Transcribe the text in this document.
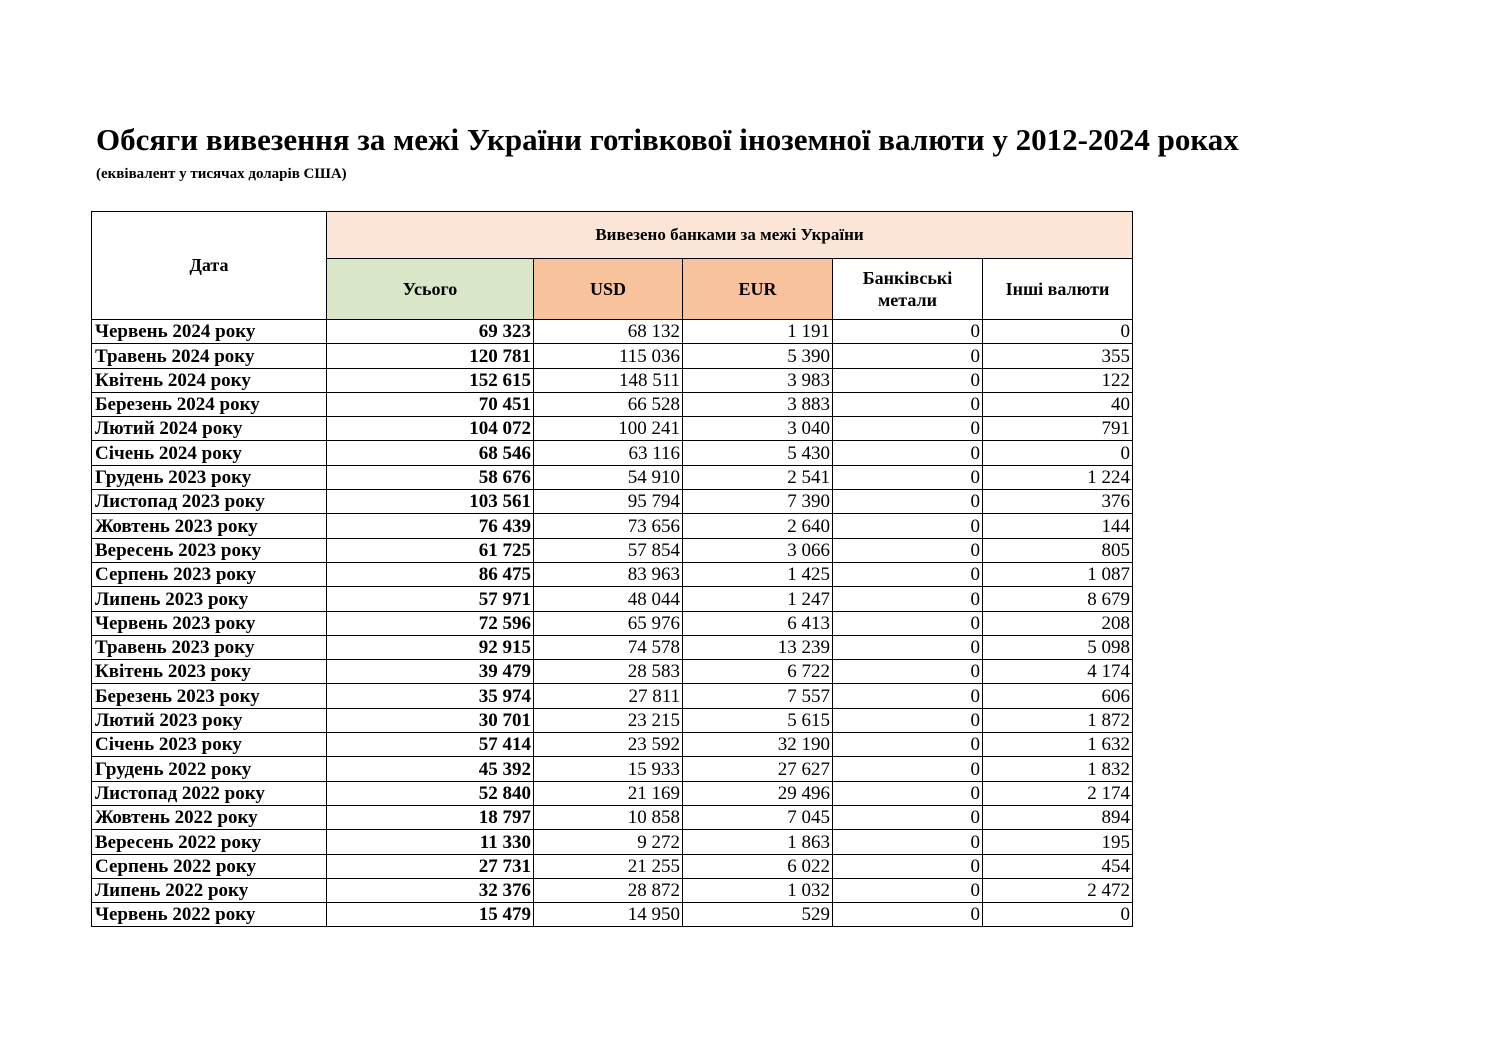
Обсяги вивезення за межі України готівкової іноземної валюти у 2012-2024 роках
(еквівалент у тисячах доларів США)
Дата	Вивезено банками за межі України				
	Усього	USD	EUR	Банківські метали	Інші валюти
Червень 2024 року	69 323	68 132	1 191	0	0
Травень 2024 року	120 781	115 036	5 390	0	355
Квітень 2024 року	152 615	148 511	3 983	0	122
Березень 2024 року	70 451	66 528	3 883	0	40
Лютий 2024 року	104 072	100 241	3 040	0	791
Січень 2024 року	68 546	63 116	5 430	0	0
Грудень 2023 року	58 676	54 910	2 541	0	1 224
Листопад 2023 року	103 561	95 794	7 390	0	376
Жовтень 2023 року	76 439	73 656	2 640	0	144
Вересень 2023 року	61 725	57 854	3 066	0	805
Серпень 2023 року	86 475	83 963	1 425	0	1 087
Липень 2023 року	57 971	48 044	1 247	0	8 679
Червень 2023 року	72 596	65 976	6 413	0	208
Травень 2023 року	92 915	74 578	13 239	0	5 098
Квітень 2023 року	39 479	28 583	6 722	0	4 174
Березень 2023 року	35 974	27 811	7 557	0	606
Лютий 2023 року	30 701	23 215	5 615	0	1 872
Січень 2023 року	57 414	23 592	32 190	0	1 632
Грудень 2022 року	45 392	15 933	27 627	0	1 832
Листопад 2022 року	52 840	21 169	29 496	0	2 174
Жовтень 2022 року	18 797	10 858	7 045	0	894
Вересень 2022 року	11 330	9 272	1 863	0	195
Серпень 2022 року	27 731	21 255	6 022	0	454
Липень 2022 року	32 376	28 872	1 032	0	2 472
Червень 2022 року	15 479	14 950	529	0	0
